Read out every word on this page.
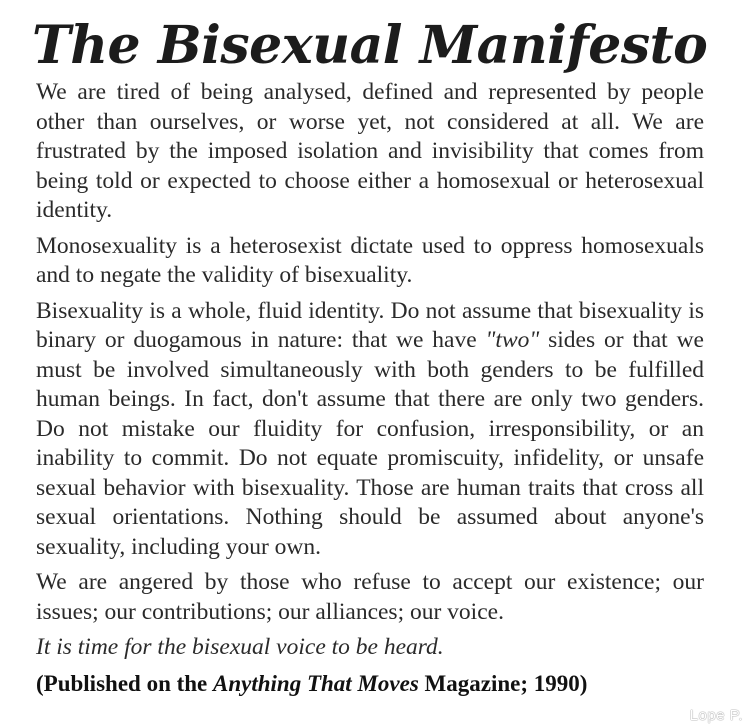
The Bisexual Manifesto

We are tired of being analysed, defined and represented by people other than ourselves, or worse yet, not considered at all. We are frustrated by the imposed isolation and invisibility that comes from being told or expected to choose either a homosexual or heterosexual identity.

Monosexuality is a heterosexist dictate used to oppress homosexuals and to negate the validity of bisexuality.

Bisexuality is a whole, fluid identity. Do not assume that bisexuality is binary or duogamous in nature: that we have "two" sides or that we must be involved simultaneously with both genders to be fulfilled human beings. In fact, don't assume that there are only two genders. Do not mistake our fluidity for confusion, irresponsibility, or an inability to commit. Do not equate promiscuity, infidelity, or unsafe sexual behavior with bisexuality. Those are human traits that cross all sexual orientations. Nothing should be assumed about anyone's sexuality, including your own.

We are angered by those who refuse to accept our existence; our issues; our contributions; our alliances; our voice.

It is time for the bisexual voice to be heard.

(Published on the Anything That Moves Magazine; 1990)

Lope P.
